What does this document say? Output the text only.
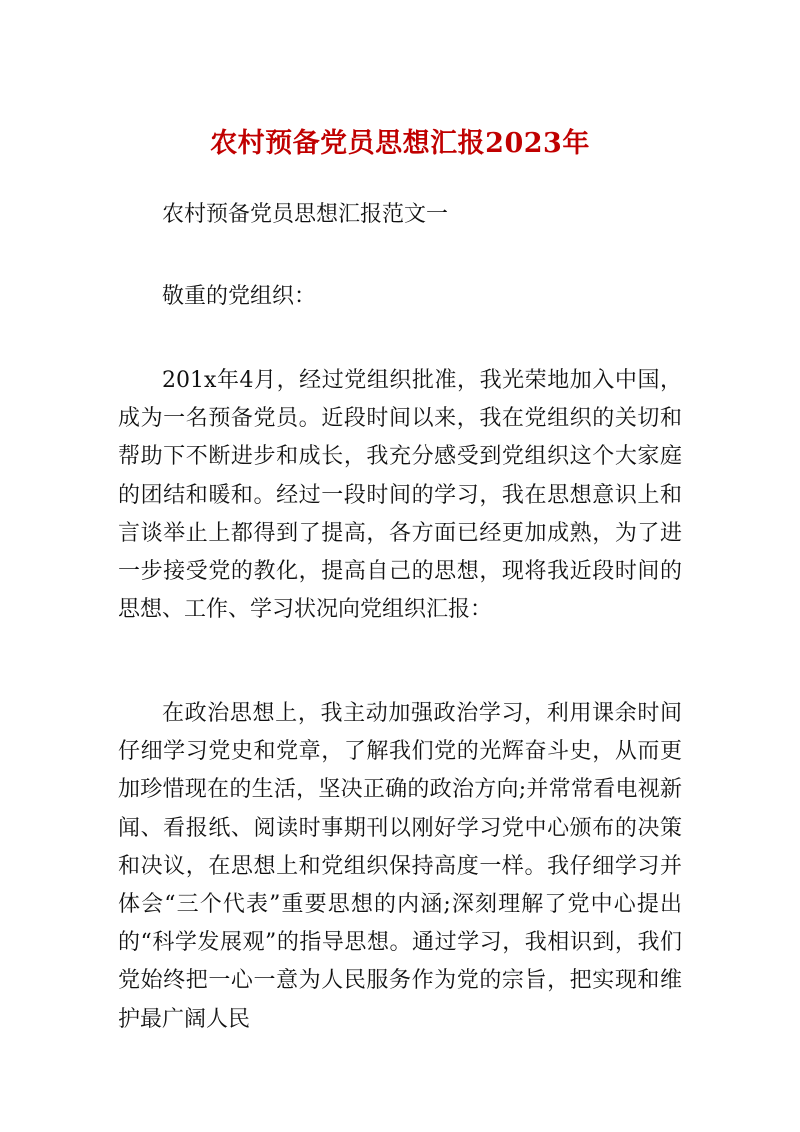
农村预备党员思想汇报2023年

农村预备党员思想汇报范文一

敬重的党组织：

201x年4月，经过党组织批准，我光荣地加入中国，成为一名预备党员。近段时间以来，我在党组织的关切和帮助下不断进步和成长，我充分感受到党组织这个大家庭的团结和暖和。经过一段时间的学习，我在思想意识上和言谈举止上都得到了提高，各方面已经更加成熟，为了进一步接受党的教化，提高自己的思想，现将我近段时间的思想、工作、学习状况向党组织汇报：

在政治思想上，我主动加强政治学习，利用课余时间仔细学习党史和党章，了解我们党的光辉奋斗史，从而更加珍惜现在的生活，坚决正确的政治方向;并常常看电视新闻、看报纸、阅读时事期刊以刚好学习党中心颁布的决策和决议，在思想上和党组织保持高度一样。我仔细学习并体会“三个代表”重要思想的内涵;深刻理解了党中心提出的“科学发展观”的指导思想。通过学习，我相识到，我们党始终把一心一意为人民服务作为党的宗旨，把实现和维护最广阔人民
